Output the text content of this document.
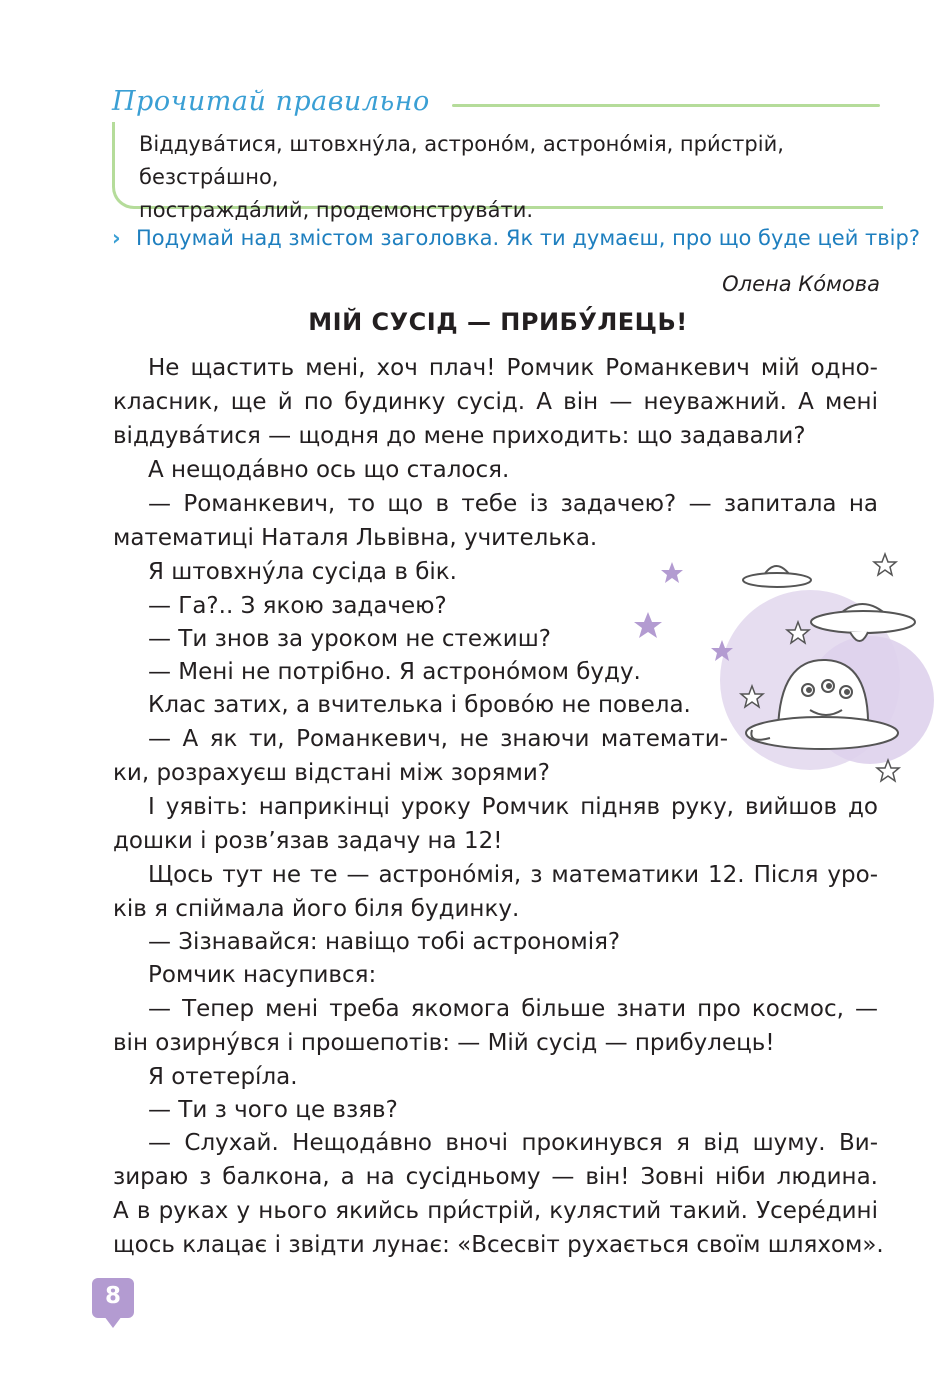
Прочитай правильно
Віддува́тися, штовхну́ла, астроно́м, астроно́мія, при́стрій, безстра́шно,
постражда́лий, продемонструва́ти.
› Подумай над змістом заголовка. Як ти думаєш, про що буде цей твір?
Олена Ко́мова
МІЙ СУСІД — ПРИБУ́ЛЕЦЬ!
Не щастить мені, хоч плач! Ромчик Романкевич мій одно-
класник, ще й по будинку сусід. А він — неуважний. А мені
віддува́тися — щодня до мене приходить: що задавали?
А нещода́вно ось що сталося.
— Романкевич, то що в тебе із задачею? — запитала на
математиці Наталя Львівна, учителька.
Я штовхну́ла сусіда в бік.
— Га?.. З якою задачею?
— Ти знов за уроком не стежиш?
— Мені не потрібно. Я астроно́мом буду.
Клас затих, а вчителька і брово́ю не повела.
— А як ти, Романкевич, не знаючи математи-
ки, розрахуєш відстані між зорями?
І уявіть: наприкінці уроку Ромчик підняв руку, вийшов до
дошки і розв’язав задачу на 12!
Щось тут не те — астроно́мія, з математики 12. Після уро-
ків я спіймала його біля будинку.
— Зізнавайся: навіщо тобі астрономія?
Ромчик насупився:
— Тепер мені треба якомога більше знати про космос, —
він озирну́вся і прошепотів: — Мій сусід — прибулець!
Я отетері́ла.
— Ти з чого це взяв?
— Слухай. Нещода́вно вночі прокинувся я від шуму. Ви-
зираю з балкона, а на сусідньому — він! Зовні ніби людина.
А в руках у нього якийсь при́стрій, кулястий такий. Усере́дині
щось клацає і звідти лунає: «Всесвіт рухається своїм шляхом».
8
